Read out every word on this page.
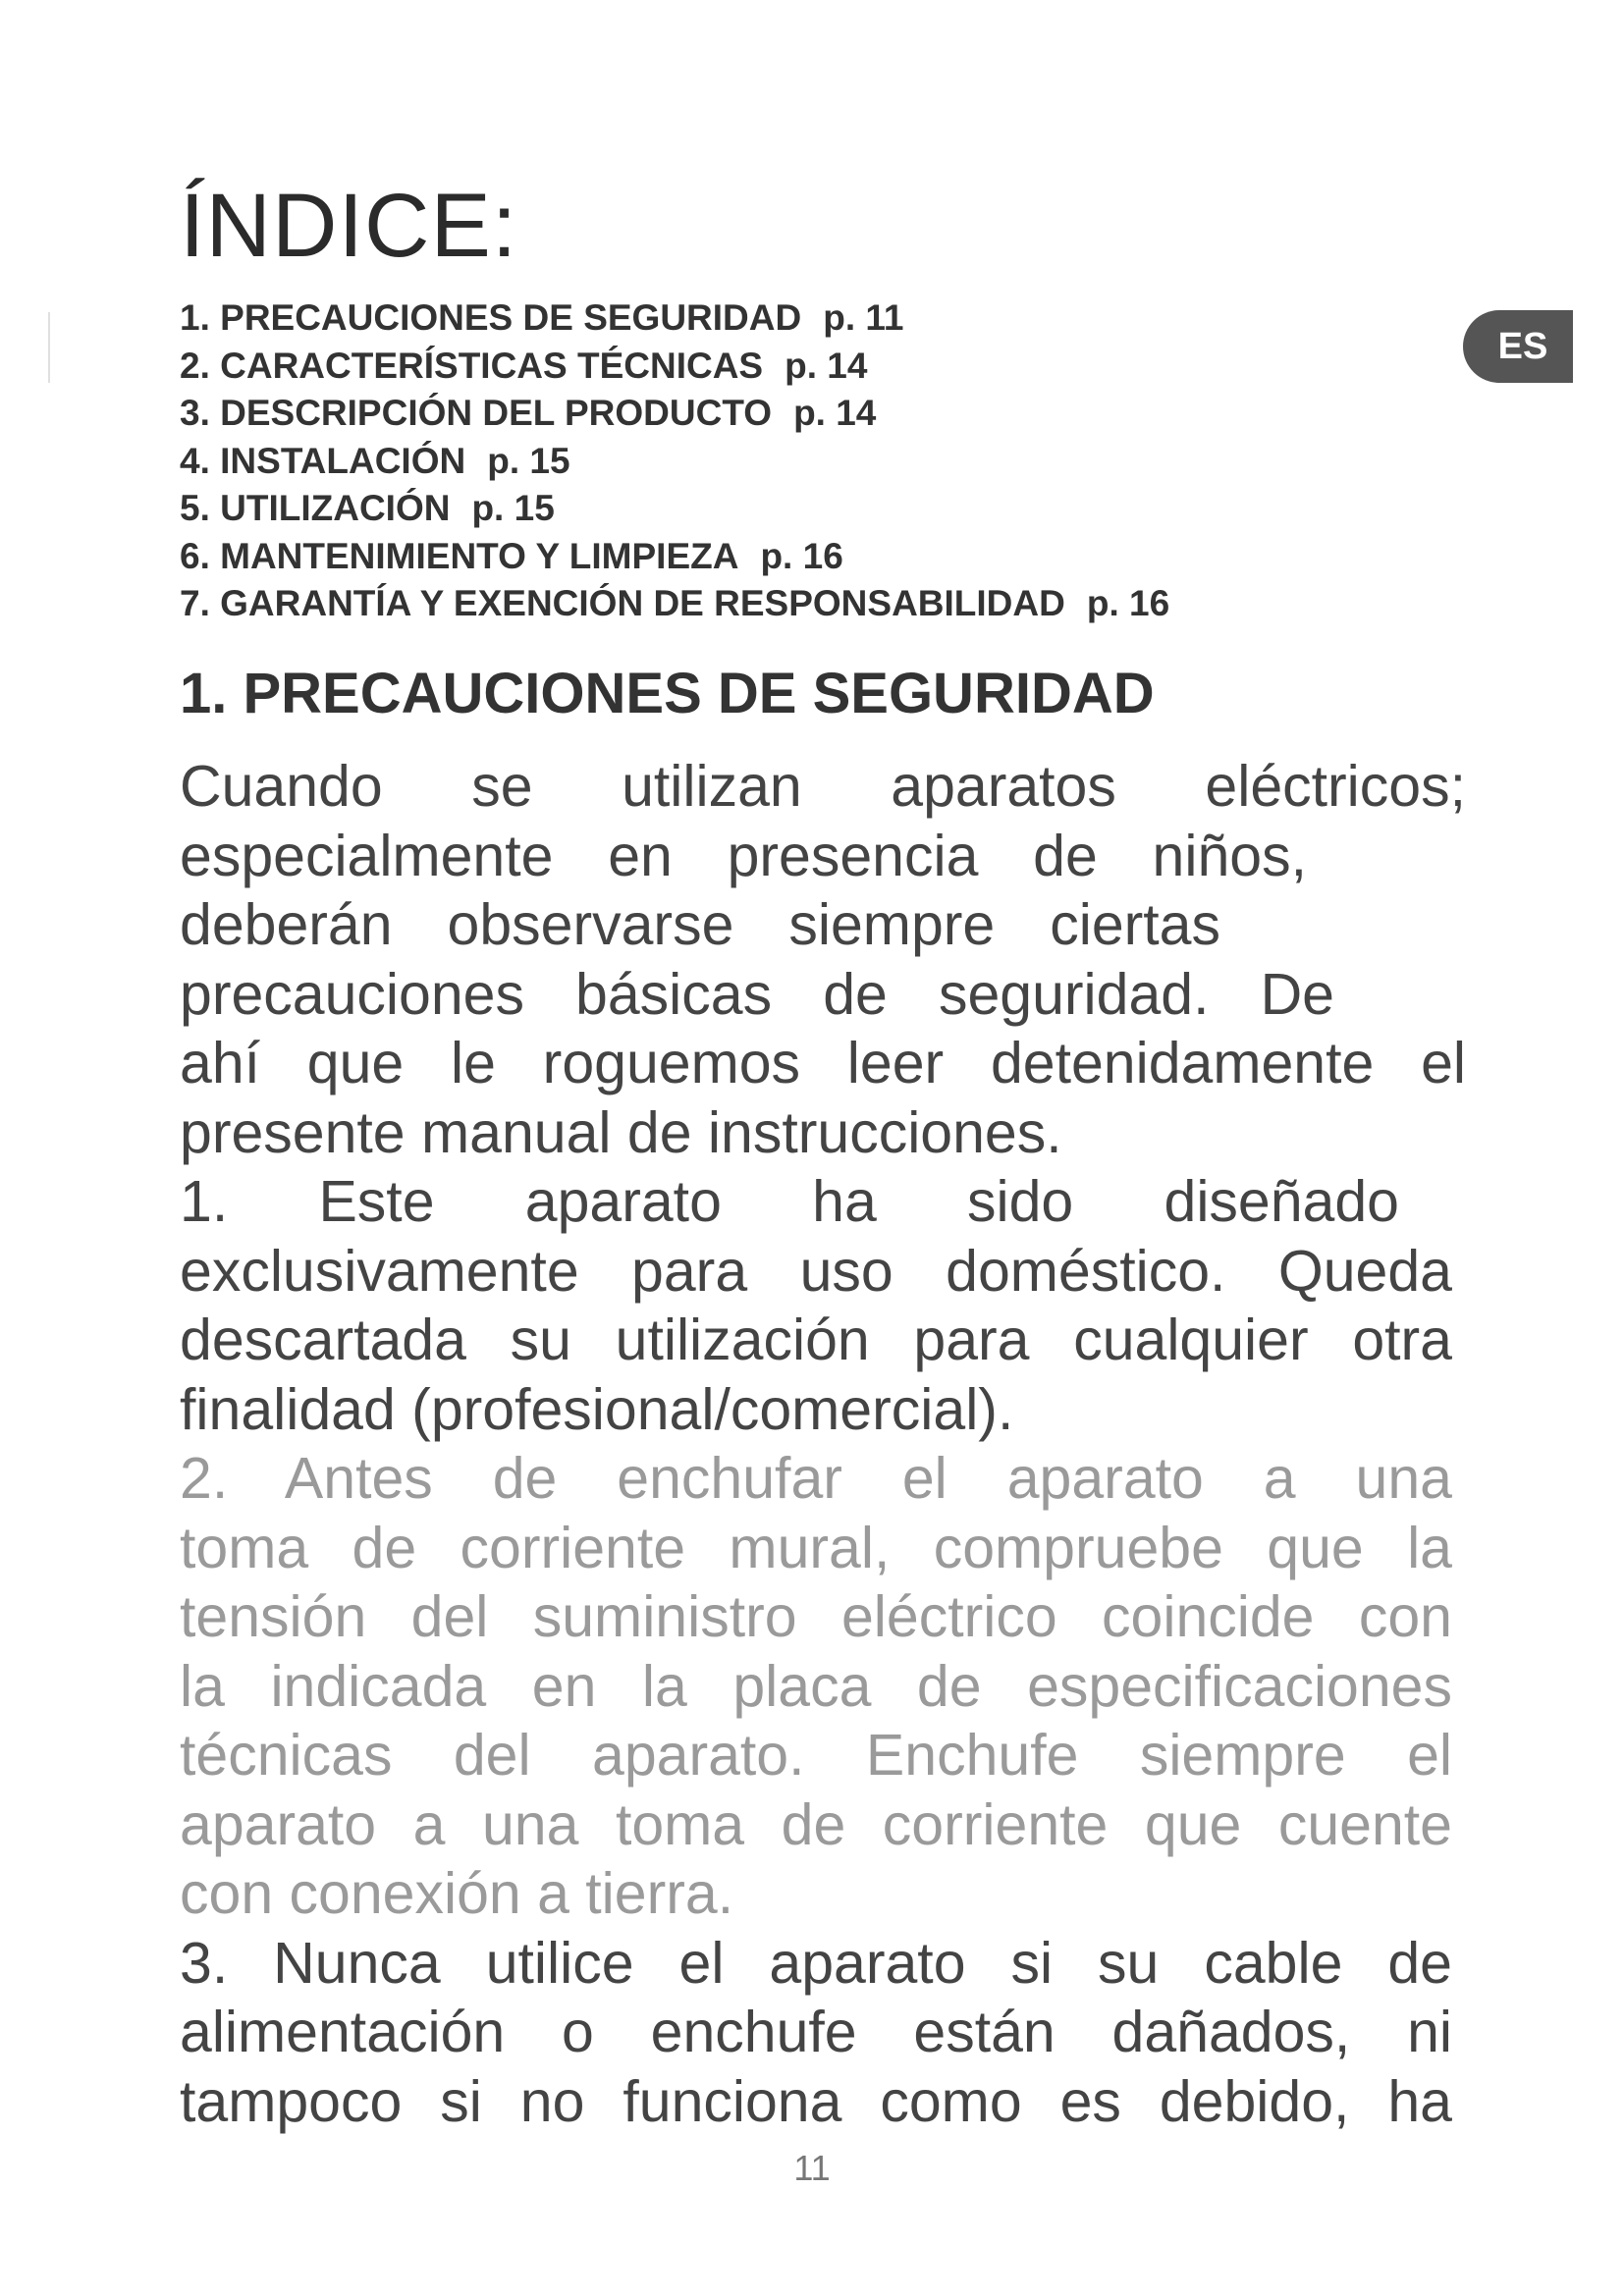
ÍNDICE:
ES
1. PRECAUCIONES DE SEGURIDAD p. 11
2. CARACTERÍSTICAS TÉCNICAS p. 14
3. DESCRIPCIÓN DEL PRODUCTO p. 14
4. INSTALACIÓN p. 15
5. UTILIZACIÓN p. 15
6. MANTENIMIENTO Y LIMPIEZA p. 16
7. GARANTÍA Y EXENCIÓN DE RESPONSABILIDAD p. 16
1. PRECAUCIONES DE SEGURIDAD
Cuando se utilizan aparatos eléctricos;
especialmente en presencia de niños,
deberán observarse siempre ciertas
precauciones básicas de seguridad. De
ahí que le roguemos leer detenidamente el
presente manual de instrucciones.
1. Este aparato ha sido diseñado
exclusivamente para uso doméstico. Queda
descartada su utilización para cualquier otra
finalidad (profesional/comercial).
2. Antes de enchufar el aparato a una
toma de corriente mural, compruebe que la
tensión del suministro eléctrico coincide con
la indicada en la placa de especificaciones
técnicas del aparato. Enchufe siempre el
aparato a una toma de corriente que cuente
con conexión a tierra.
3. Nunca utilice el aparato si su cable de
alimentación o enchufe están dañados, ni
tampoco si no funciona como es debido, ha
11
